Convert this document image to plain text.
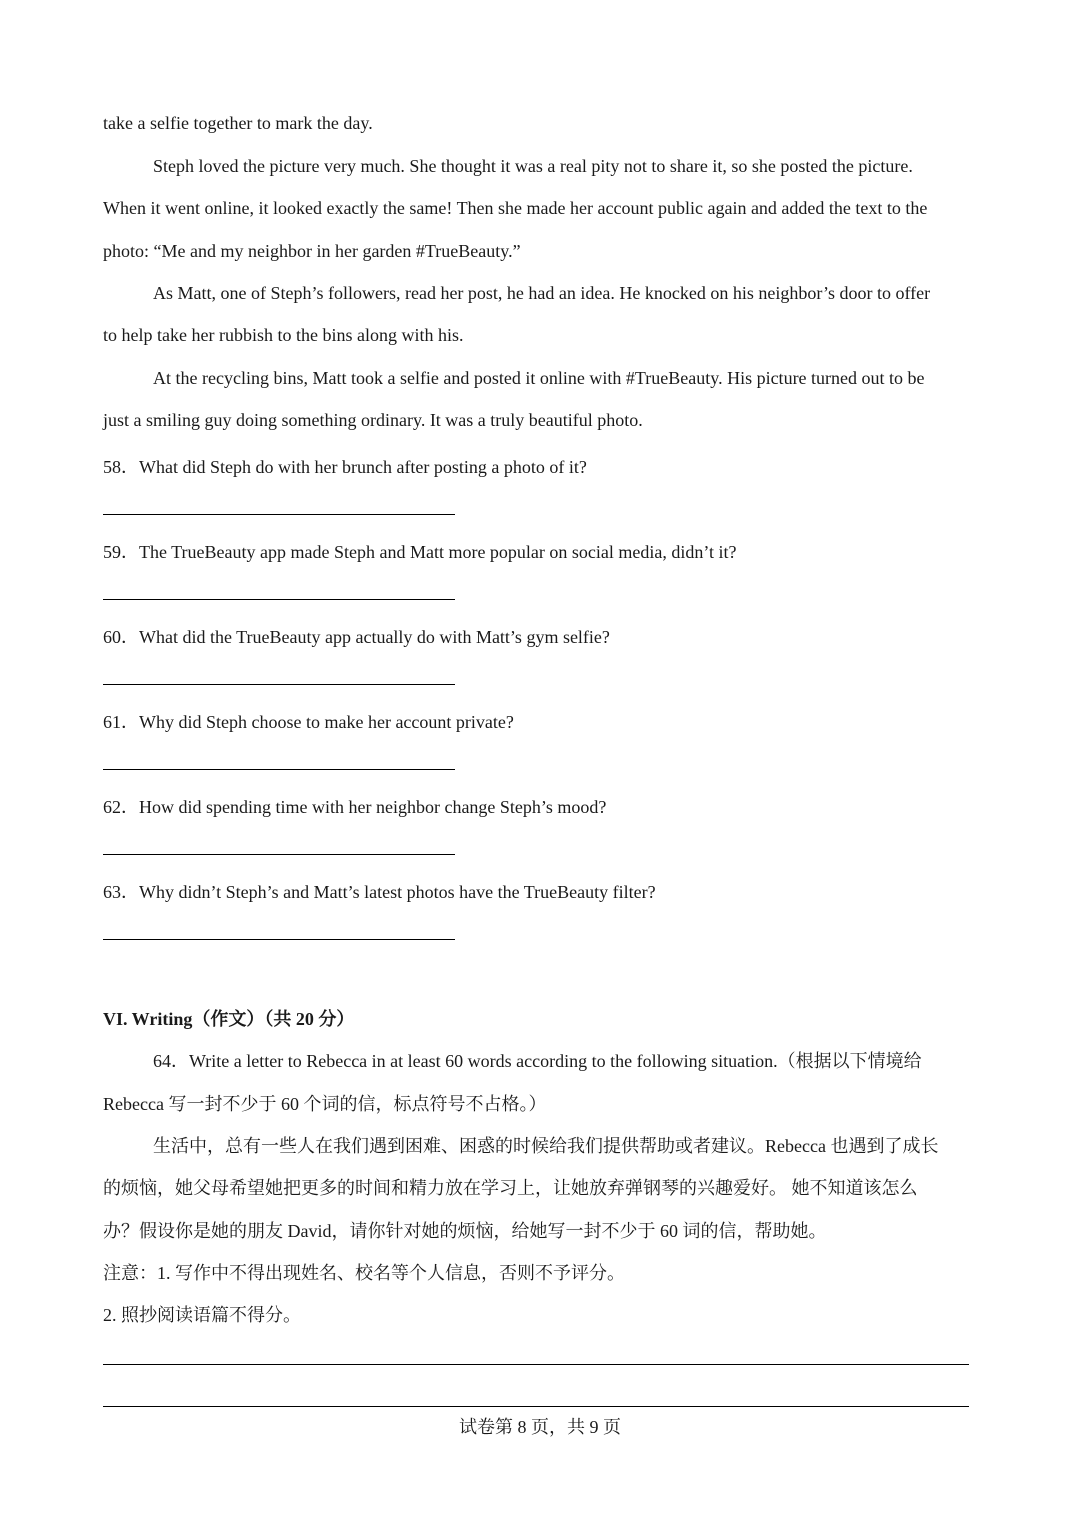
take a selfie together to mark the day.
Steph loved the picture very much. She thought it was a real pity not to share it, so she posted the picture.
When it went online, it looked exactly the same! Then she made her account public again and added the text to the
photo: “Me and my neighbor in her garden #TrueBeauty.”
As Matt, one of Steph’s followers, read her post, he had an idea. He knocked on his neighbor’s door to offer
to help take her rubbish to the bins along with his.
At the recycling bins, Matt took a selfie and posted it online with #TrueBeauty. His picture turned out to be
just a smiling guy doing something ordinary. It was a truly beautiful photo.
58．What did Steph do with her brunch after posting a photo of it?
59．The TrueBeauty app made Steph and Matt more popular on social media, didn’t it?
60．What did the TrueBeauty app actually do with Matt’s gym selfie?
61．Why did Steph choose to make her account private?
62．How did spending time with her neighbor change Steph’s mood?
63．Why didn’t Steph’s and Matt’s latest photos have the TrueBeauty filter?
VI. Writing（作文）（共 20 分）
64．Write a letter to Rebecca in at least 60 words according to the following situation.（根据以下情境给
Rebecca 写一封不少于 60 个词的信，标点符号不占格。）
生活中，总有一些人在我们遇到困难、困惑的时候给我们提供帮助或者建议。Rebecca 也遇到了成长
的烦恼，她父母希望她把更多的时间和精力放在学习上，让她放弃弹钢琴的兴趣爱好。 她不知道该怎么
办？假设你是她的朋友 David，请你针对她的烦恼，给她写一封不少于 60 词的信，帮助她。
注意：1. 写作中不得出现姓名、校名等个人信息，否则不予评分。
2. 照抄阅读语篇不得分。
试卷第 8 页，共 9 页
